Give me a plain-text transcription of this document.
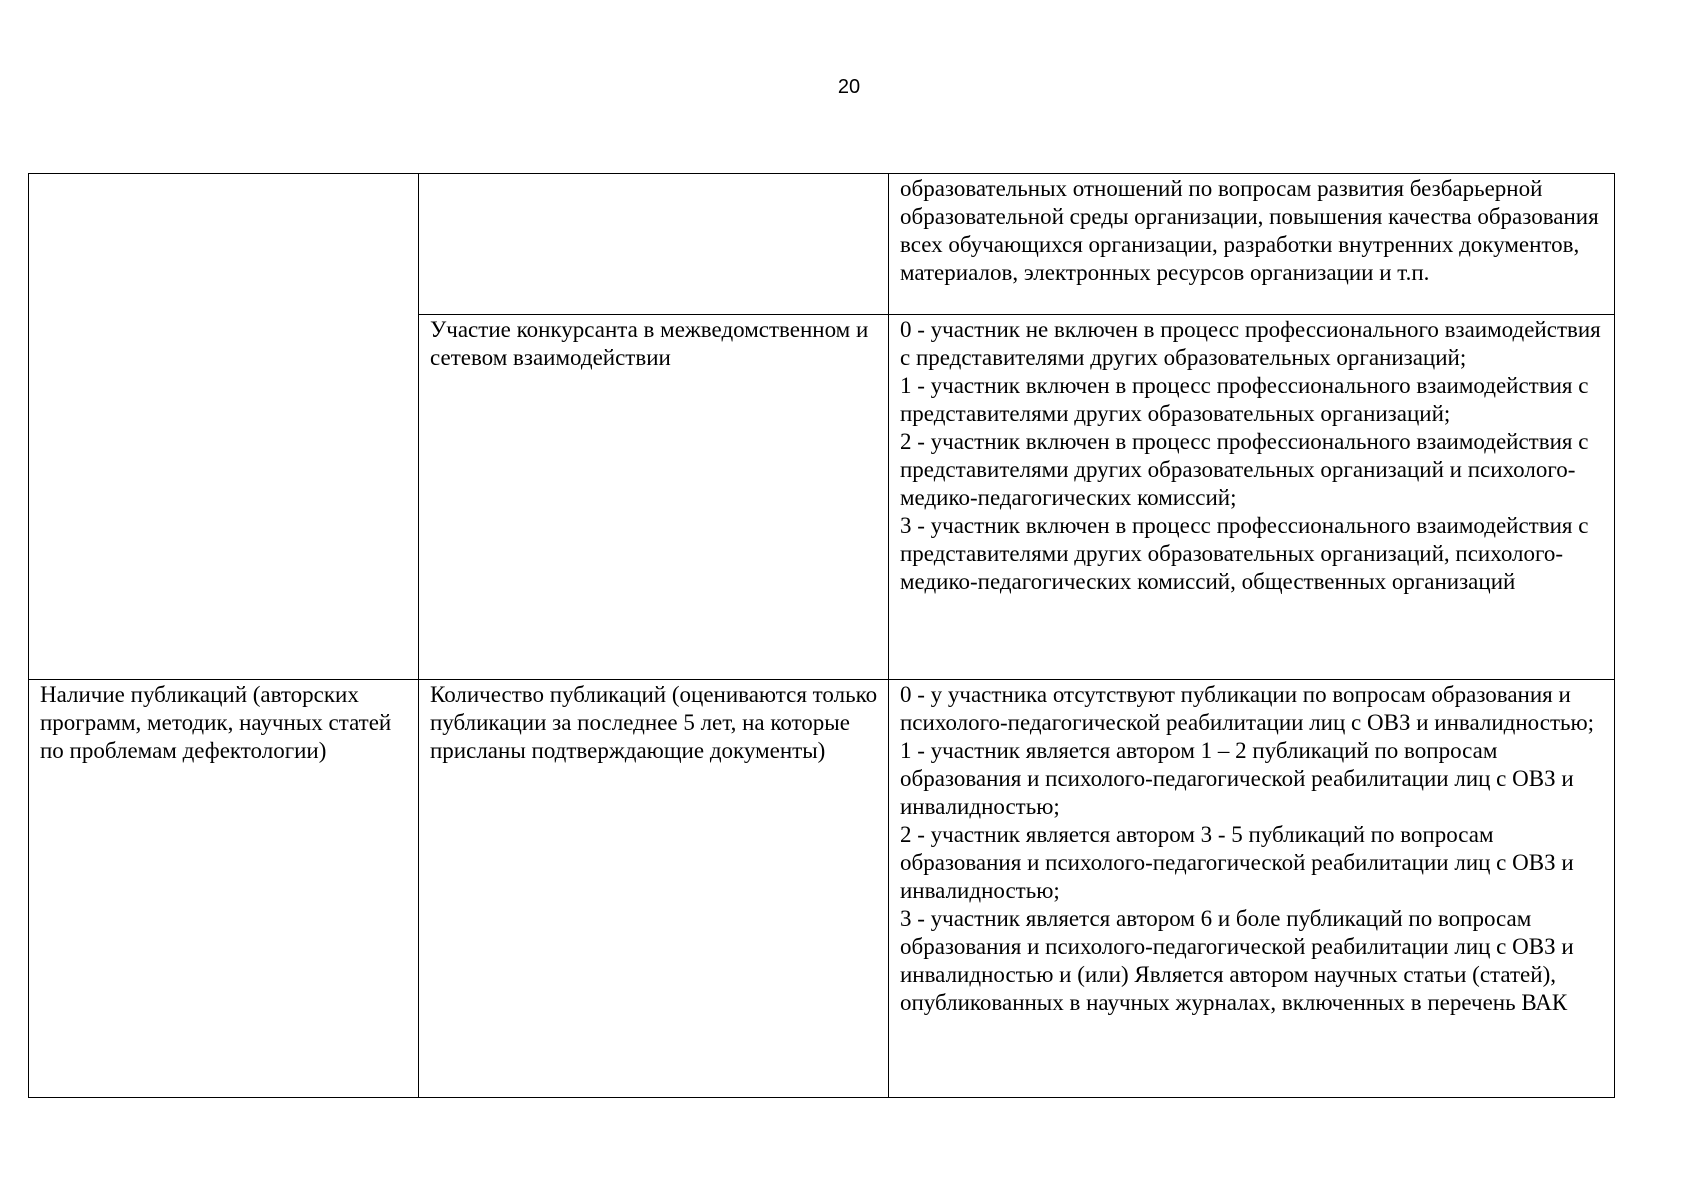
20
		образовательных отношений по вопросам развития безбарьерной образовательной среды организации, повышения качества образования всех обучающихся организации, разработки внутренних документов, материалов, электронных ресурсов организации и т.п.
	Участие конкурсанта в межведомственном и сетевом взаимодействии	0 - участник не включен в процесс профессионального взаимодействия с представителями других образовательных организаций;
1 - участник включен в процесс профессионального взаимодействия с представителями других образовательных организаций;
2 - участник включен в процесс профессионального взаимодействия с представителями других образовательных организаций и психолого-медико-педагогических комиссий;
3 - участник включен в процесс профессионального взаимодействия с представителями других образовательных организаций, психолого-медико-педагогических комиссий, общественных организаций
Наличие публикаций (авторских программ, методик, научных статей по проблемам дефектологии)	Количество публикаций (оцениваются только публикации за последнее 5 лет, на которые присланы подтверждающие документы)	0 - у участника отсутствуют публикации по вопросам образования и психолого-педагогической реабилитации лиц с ОВЗ и инвалидностью;
1 - участник является автором 1 – 2 публикаций по вопросам образования и психолого-педагогической реабилитации лиц с ОВЗ и инвалидностью;
2 - участник является автором 3 - 5 публикаций по вопросам образования и психолого-педагогической реабилитации лиц с ОВЗ и инвалидностью;
3 - участник является автором 6 и боле публикаций по вопросам образования и психолого-педагогической реабилитации лиц с ОВЗ и инвалидностью и (или) Является автором научных статьи (статей), опубликованных в научных журналах, включенных в перечень ВАК
